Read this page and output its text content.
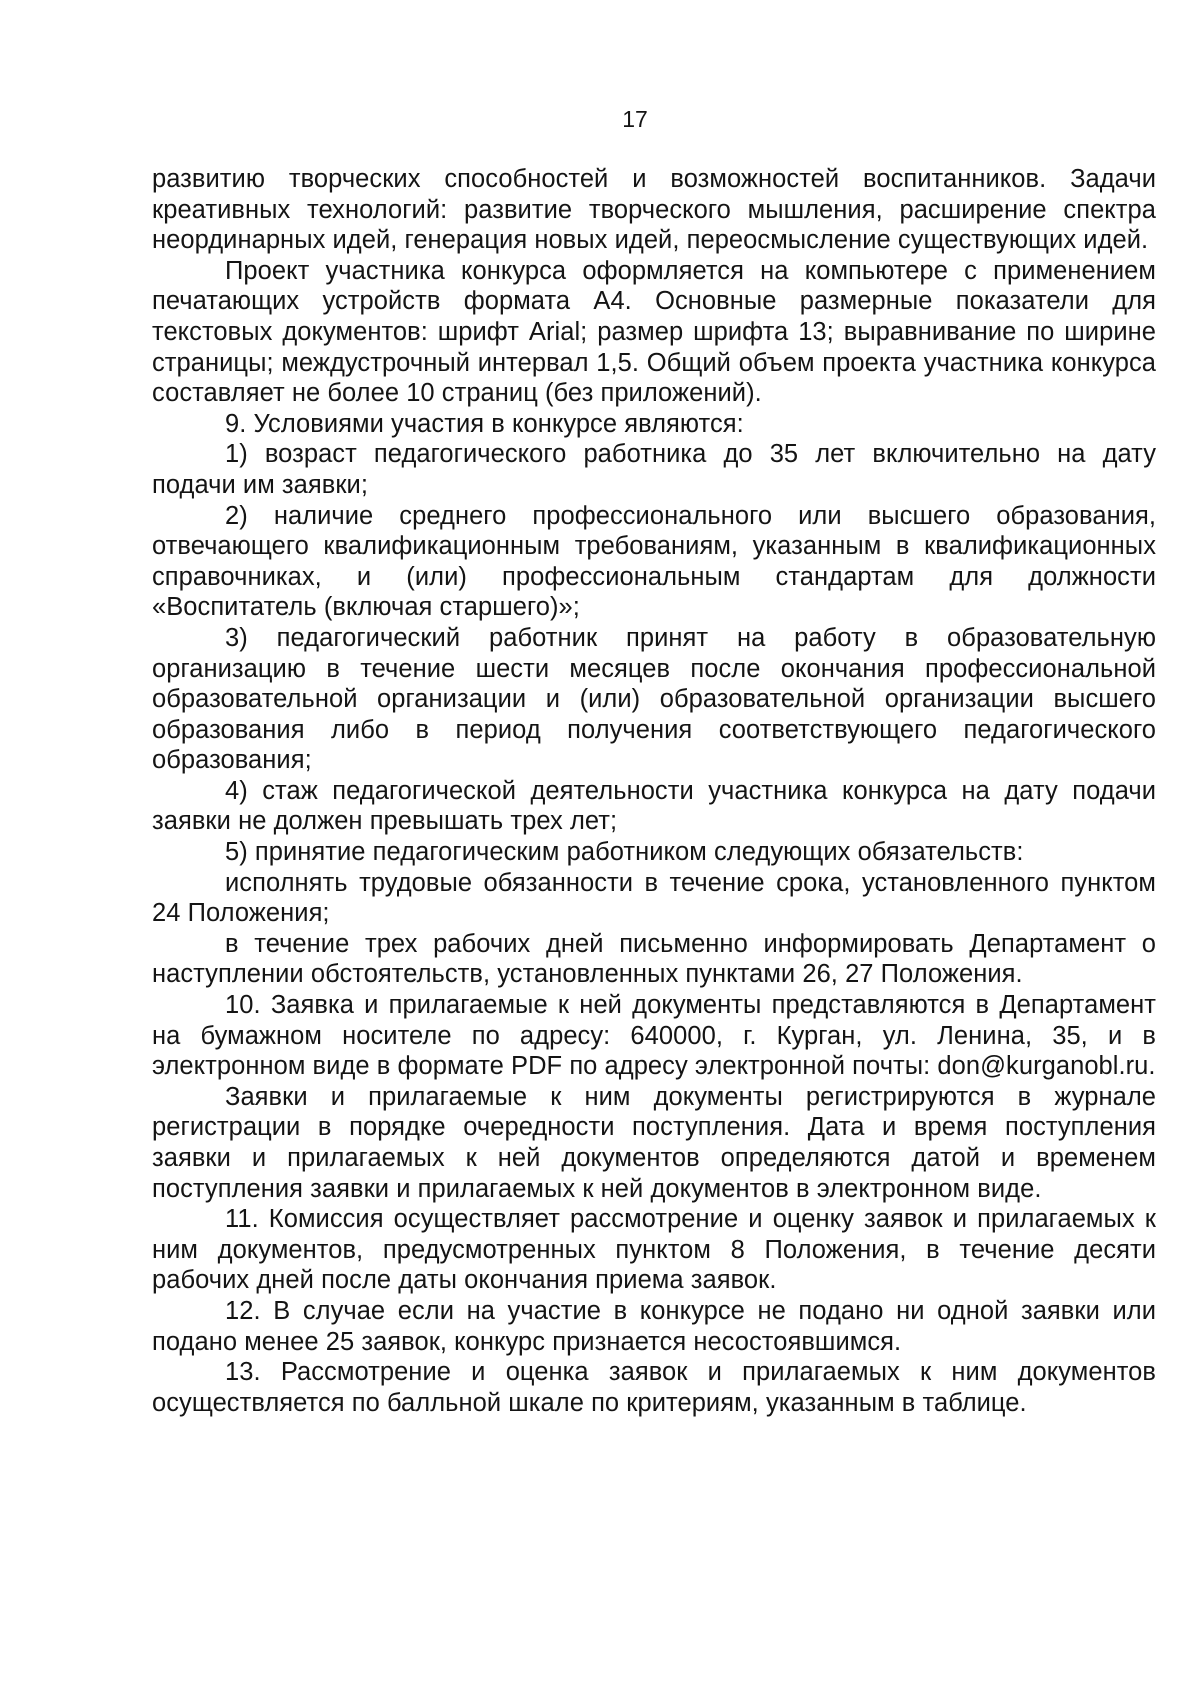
17

развитию творческих способностей и возможностей воспитанников. Задачи креативных технологий: развитие творческого мышления, расширение спектра неординарных идей, генерация новых идей, переосмысление существующих идей.

Проект участника конкурса оформляется на компьютере с применением печатающих устройств формата А4. Основные размерные показатели для текстовых документов: шрифт Arial; размер шрифта 13; выравнивание по ширине страницы; междустрочный интервал 1,5. Общий объем проекта участника конкурса составляет не более 10 страниц (без приложений).

9. Условиями участия в конкурсе являются:

1) возраст педагогического работника до 35 лет включительно на дату подачи им заявки;

2) наличие среднего профессионального или высшего образования, отвечающего квалификационным требованиям, указанным в квалификационных справочниках, и (или) профессиональным стандартам для должности «Воспитатель (включая старшего)»;

3) педагогический работник принят на работу в образовательную организацию в течение шести месяцев после окончания профессиональной образовательной организации и (или) образовательной организации высшего образования либо в период получения соответствующего педагогического образования;

4) стаж педагогической деятельности участника конкурса на дату подачи заявки не должен превышать трех лет;

5) принятие педагогическим работником следующих обязательств:

исполнять трудовые обязанности в течение срока, установленного пунктом 24 Положения;

в течение трех рабочих дней письменно информировать Департамент о наступлении обстоятельств, установленных пунктами 26, 27 Положения.

10. Заявка и прилагаемые к ней документы представляются в Департамент на бумажном носителе по адресу: 640000, г. Курган, ул. Ленина, 35, и в электронном виде в формате PDF по адресу электронной почты: don@kurganobl.ru.

Заявки и прилагаемые к ним документы регистрируются в журнале регистрации в порядке очередности поступления. Дата и время поступления заявки и прилагаемых к ней документов определяются датой и временем поступления заявки и прилагаемых к ней документов в электронном виде.

11. Комиссия осуществляет рассмотрение и оценку заявок и прилагаемых к ним документов, предусмотренных пунктом 8 Положения, в течение десяти рабочих дней после даты окончания приема заявок.

12. В случае если на участие в конкурсе не подано ни одной заявки или подано менее 25 заявок, конкурс признается несостоявшимся.

13. Рассмотрение и оценка заявок и прилагаемых к ним документов осуществляется по балльной шкале по критериям, указанным в таблице.
